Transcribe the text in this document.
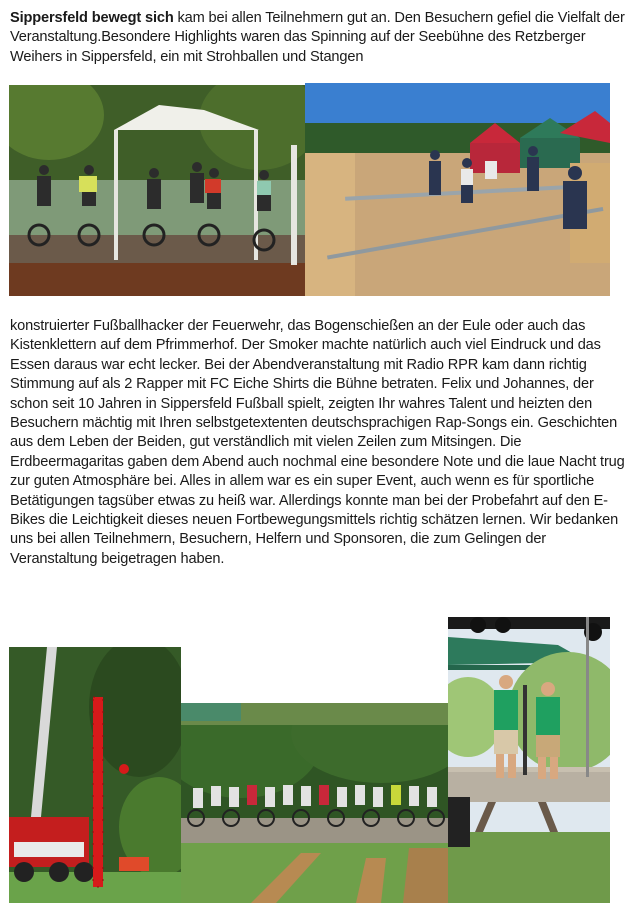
Sippersfeld bewegt sich kam bei allen Teilnehmern gut an. Den Besuchern gefiel die Vielfalt der Veranstaltung.Besondere Highlights waren das Spinning auf der Seebühne des Retzberger Weihers in Sippersfeld, ein mit Strohballen und Stangen

konstruierter Fußballhacker der Feuerwehr, das Bogenschießen an der Eule oder auch das Kistenklettern auf dem Pfrimmerhof. Der Smoker machte natürlich auch viel Eindruck und das Essen daraus war echt lecker. Bei der Abendveranstaltung mit Radio RPR kam dann richtig Stimmung auf als 2 Rapper mit FC Eiche Shirts die Bühne betraten. Felix und Johannes, der schon seit 10 Jahren in Sippersfeld Fußball spielt, zeigten Ihr wahres Talent und heizten den Besuchern mächtig mit Ihren selbstgetextenten deutschsprachigen Rap-Songs ein. Geschichten aus dem Leben der Beiden, gut verständlich mit vielen Zeilen zum Mitsingen. Die Erdbeermagaritas gaben dem Abend auch nochmal eine besondere Note und die laue Nacht trug zur guten Atmosphäre bei. Alles in allem war es ein super Event, auch wenn es für sportliche Betätigungen tagsüber etwas zu heiß war. Allerdings konnte man bei der Probefahrt auf den E-Bikes die Leichtigkeit dieses neuen Fortbewegungsmittels richtig schätzen lernen. Wir bedanken uns bei allen Teilnehmern, Besuchern, Helfern und Sponsoren, die zum Gelingen der Veranstaltung beigetragen haben.
